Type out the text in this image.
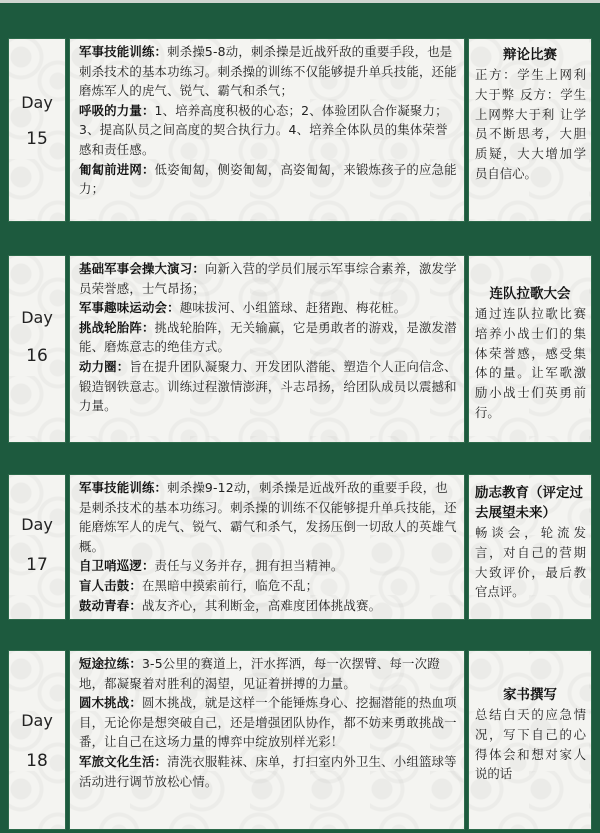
Day
15
军事技能训练：刺杀操5-8动，刺杀操是近战歼敌的重要手段，也是刺杀技术的基本功练习。刺杀操的训练不仅能够提升单兵技能，还能磨炼军人的虎气、锐气、霸气和杀气；
呼吸的力量：1、培养高度积极的心态；2、体验团队合作凝聚力；3、提高队员之间高度的契合执行力。4、培养全体队员的集体荣誉感和责任感。
匍匐前进网：低姿匍匐，侧姿匍匐，高姿匍匐，来锻炼孩子的应急能力；
辩论比赛
正方：学生上网利大于弊 反方：学生上网弊大于利 让学员不断思考，大胆质疑，大大增加学员自信心。
Day
16
基础军事会操大演习：向新入营的学员们展示军事综合素养，激发学员荣誉感，士气昂扬；
军事趣味运动会：趣味拔河、小组篮球、赶猪跑、梅花桩。
挑战轮胎阵：挑战轮胎阵，无关输赢，它是勇敢者的游戏，是激发潜能、磨炼意志的绝佳方式。
动力圈：旨在提升团队凝聚力、开发团队潜能、塑造个人正向信念、锻造钢铁意志。训练过程激情澎湃，斗志昂扬，给团队成员以震撼和力量。
连队拉歌大会
通过连队拉歌比赛培养小战士们的集体荣誉感，感受集体的量。让军歌激励小战士们英勇前行。
Day
17
军事技能训练：刺杀操9-12动，刺杀操是近战歼敌的重要手段，也是刺杀技术的基本功练习。刺杀操的训练不仅能够提升单兵技能，还能磨炼军人的虎气、锐气、霸气和杀气，发扬压倒一切敌人的英雄气概。
自卫哨巡逻：责任与义务并存，拥有担当精神。
盲人击鼓：在黑暗中摸索前行，临危不乱；
鼓动青春：战友齐心，其利断金，高难度团体挑战赛。
励志教育（评定过去展望未来）
畅谈会，轮流发言，对自己的营期大致评价，最后教官点评。
Day
18
短途拉练：3-5公里的赛道上，汗水挥洒，每一次摆臂、每一次蹬地，都凝聚着对胜利的渴望，见证着拼搏的力量。
圆木挑战：圆木挑战，就是这样一个能锤炼身心、挖掘潜能的热血项目，无论你是想突破自己，还是增强团队协作，都不妨来勇敢挑战一番，让自己在这场力量的博弈中绽放别样光彩！
军旅文化生活：清洗衣服鞋袜、床单，打扫室内外卫生、小组篮球等活动进行调节放松心情。
家书撰写
总结白天的应急情况，写下自己的心得体会和想对家人说的话
